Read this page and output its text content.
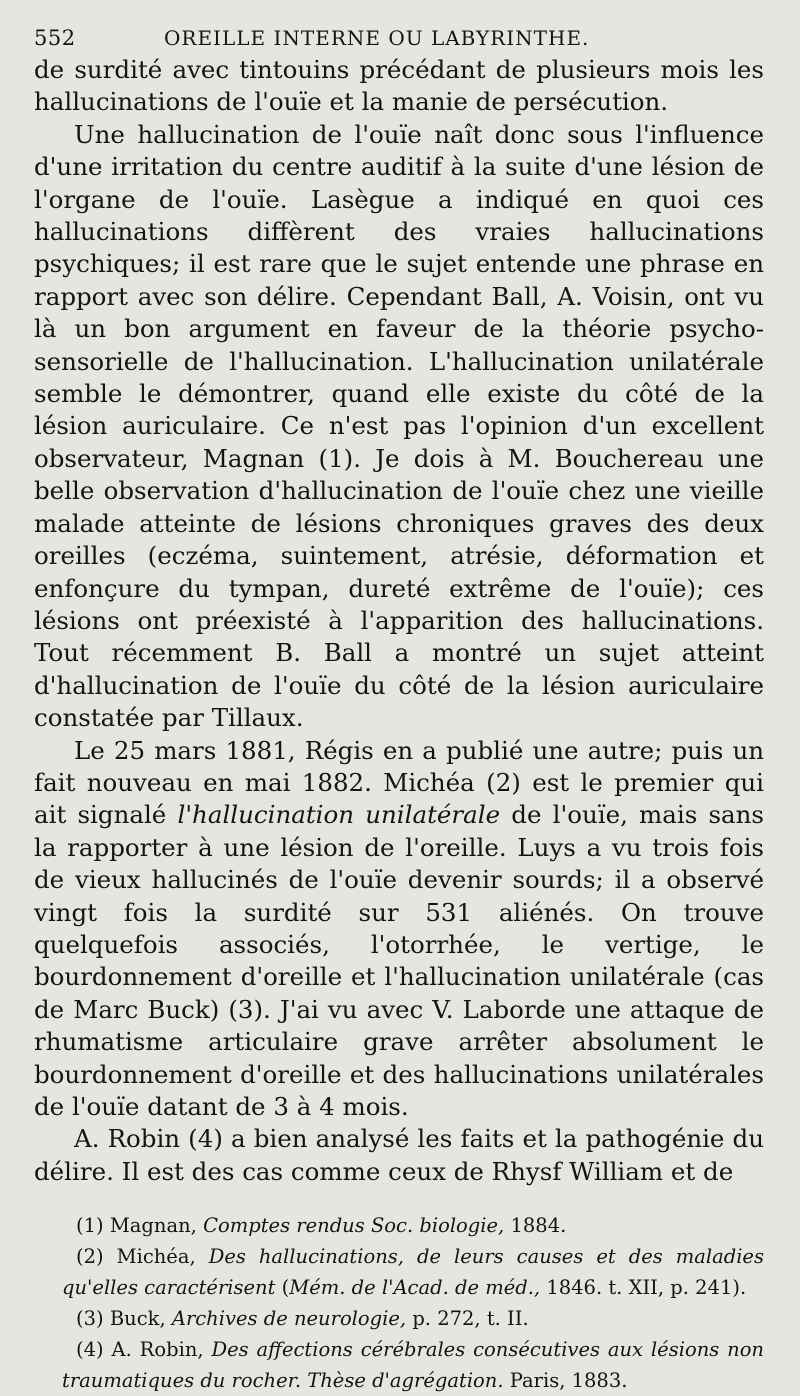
552	OREILLE INTERNE OU LABYRINTHE.

de surdité avec tintouins précédant de plusieurs mois les hallucinations de l'ouïe et la manie de persécution.

Une hallucination de l'ouïe naît donc sous l'influence d'une irritation du centre auditif à la suite d'une lésion de l'organe de l'ouïe. Lasègue a indiqué en quoi ces hallucinations diffèrent des vraies hallucinations psychiques; il est rare que le sujet entende une phrase en rapport avec son délire. Cependant Ball, A. Voisin, ont vu là un bon argument en faveur de la théorie psycho-sensorielle de l'hallucination. L'hallucination unilatérale semble le démontrer, quand elle existe du côté de la lésion auriculaire. Ce n'est pas l'opinion d'un excellent observateur, Magnan (1). Je dois à M. Bouchereau une belle observation d'hallucination de l'ouïe chez une vieille malade atteinte de lésions chroniques graves des deux oreilles (eczéma, suintement, atrésie, déformation et enfonçure du tympan, dureté extrême de l'ouïe); ces lésions ont préexisté à l'apparition des hallucinations. Tout récemment B. Ball a montré un sujet atteint d'hallucination de l'ouïe du côté de la lésion auriculaire constatée par Tillaux.

Le 25 mars 1881, Régis en a publié une autre; puis un fait nouveau en mai 1882. Michéa (2) est le premier qui ait signalé l'hallucination unilatérale de l'ouïe, mais sans la rapporter à une lésion de l'oreille. Luys a vu trois fois de vieux hallucinés de l'ouïe devenir sourds; il a observé vingt fois la surdité sur 531 aliénés. On trouve quelquefois associés, l'otorrhée, le vertige, le bourdonnement d'oreille et l'hallucination unilatérale (cas de Marc Buck) (3). J'ai vu avec V. Laborde une attaque de rhumatisme articulaire grave arrêter absolument le bourdonnement d'oreille et des hallucinations unilatérales de l'ouïe datant de 3 à 4 mois.

A. Robin (4) a bien analysé les faits et la pathogénie du délire. Il est des cas comme ceux de Rhysf William et de

(1) Magnan, Comptes rendus Soc. biologie, 1884.

(2) Michéa, Des hallucinations, de leurs causes et des maladies qu'elles caractérisent (Mém. de l'Acad. de méd., 1846. t. XII, p. 241).

(3) Buck, Archives de neurologie, p. 272, t. II.

(4) A. Robin, Des affections cérébrales consécutives aux lésions non traumatiques du rocher. Thèse d'agrégation. Paris, 1883.
